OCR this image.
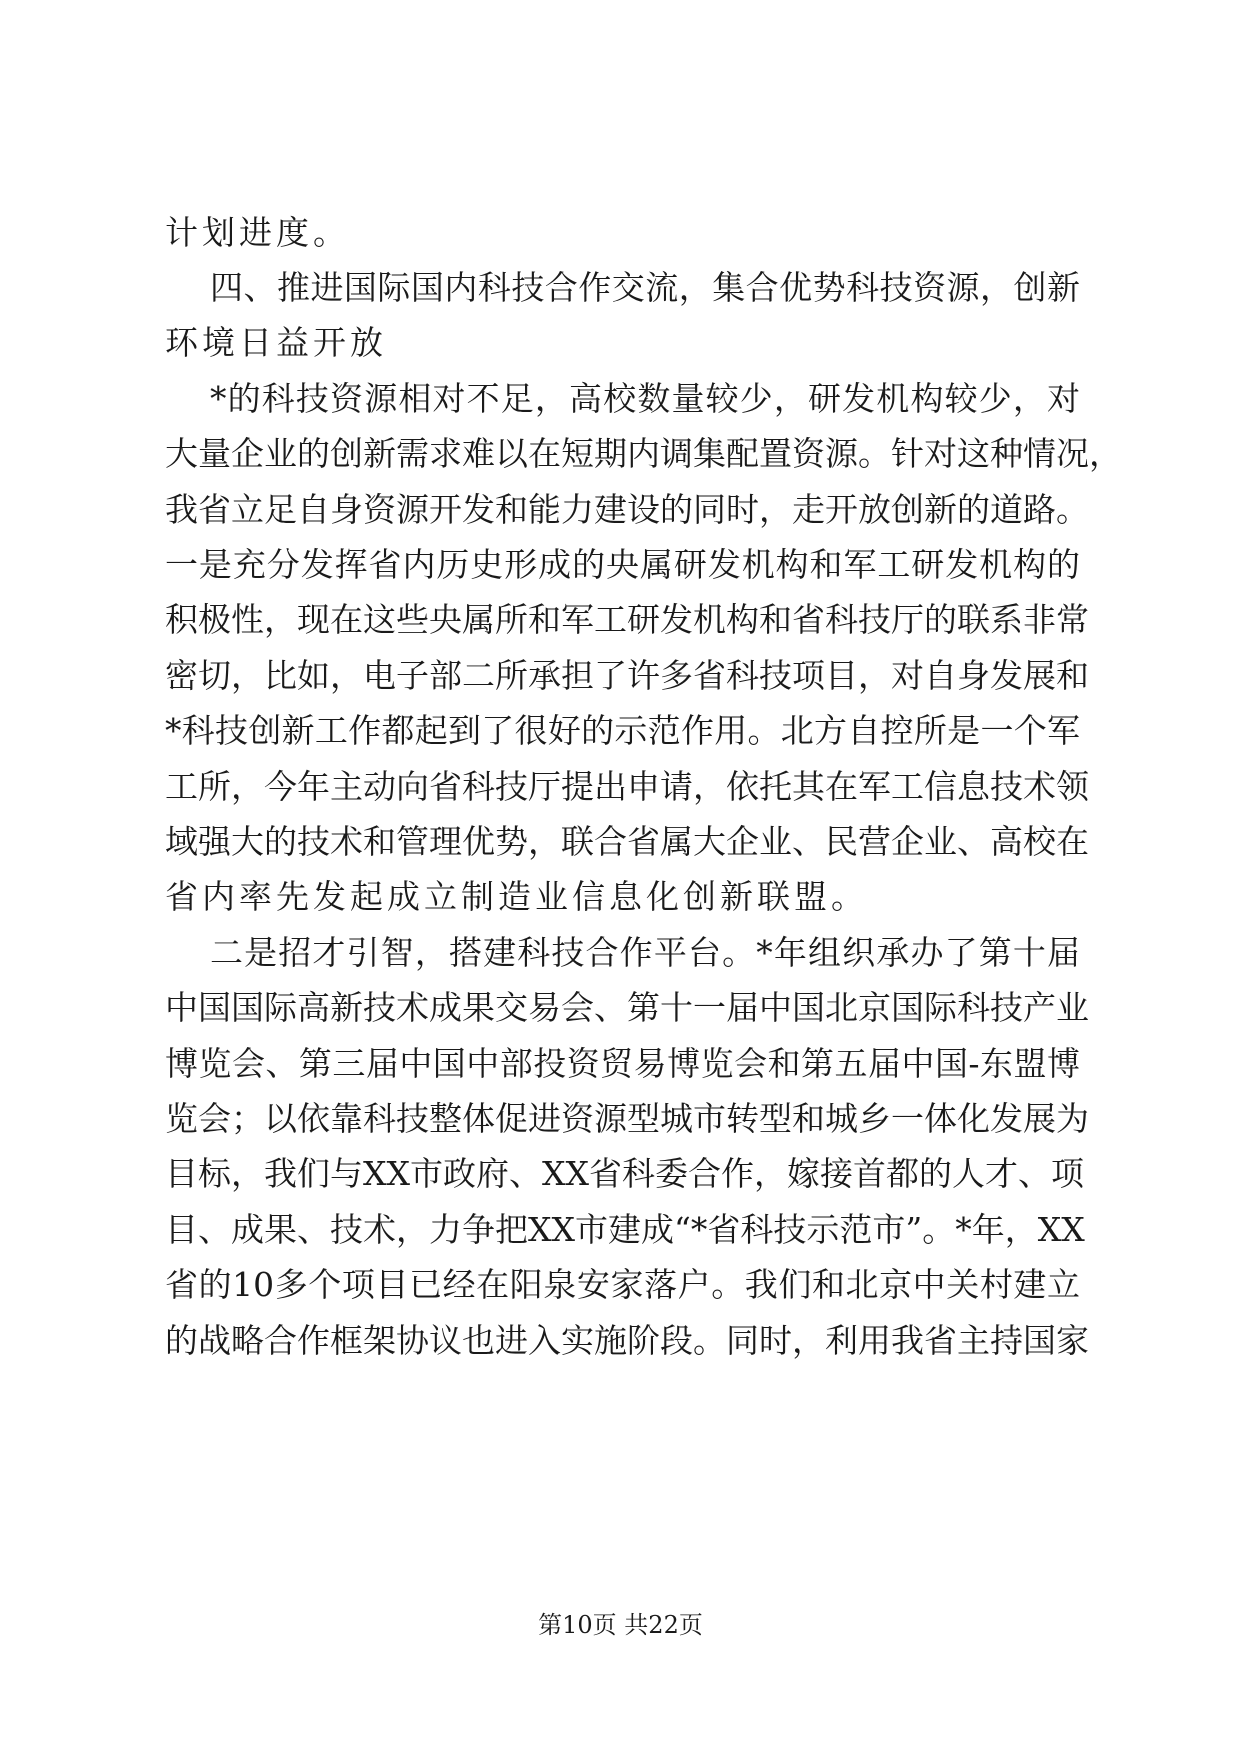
计划进度。
四、推进国际国内科技合作交流，集合优势科技资源，创新
环境日益开放
*的科技资源相对不足，高校数量较少，研发机构较少，对
大量企业的创新需求难以在短期内调集配置资源。针对这种情况，
我省立足自身资源开发和能力建设的同时，走开放创新的道路。
一是充分发挥省内历史形成的央属研发机构和军工研发机构的
积极性，现在这些央属所和军工研发机构和省科技厅的联系非常
密切，比如，电子部二所承担了许多省科技项目，对自身发展和
*科技创新工作都起到了很好的示范作用。北方自控所是一个军
工所，今年主动向省科技厅提出申请，依托其在军工信息技术领
域强大的技术和管理优势，联合省属大企业、民营企业、高校在
省内率先发起成立制造业信息化创新联盟。
二是招才引智，搭建科技合作平台。*年组织承办了第十届
中国国际高新技术成果交易会、第十一届中国北京国际科技产业
博览会、第三届中国中部投资贸易博览会和第五届中国-东盟博
览会；以依靠科技整体促进资源型城市转型和城乡一体化发展为
目标，我们与XX市政府、XX省科委合作，嫁接首都的人才、项
目、成果、技术，力争把XX市建成“*省科技示范市”。*年，XX
省的10多个项目已经在阳泉安家落户。我们和北京中关村建立
的战略合作框架协议也进入实施阶段。同时，利用我省主持国家
第10页 共22页
